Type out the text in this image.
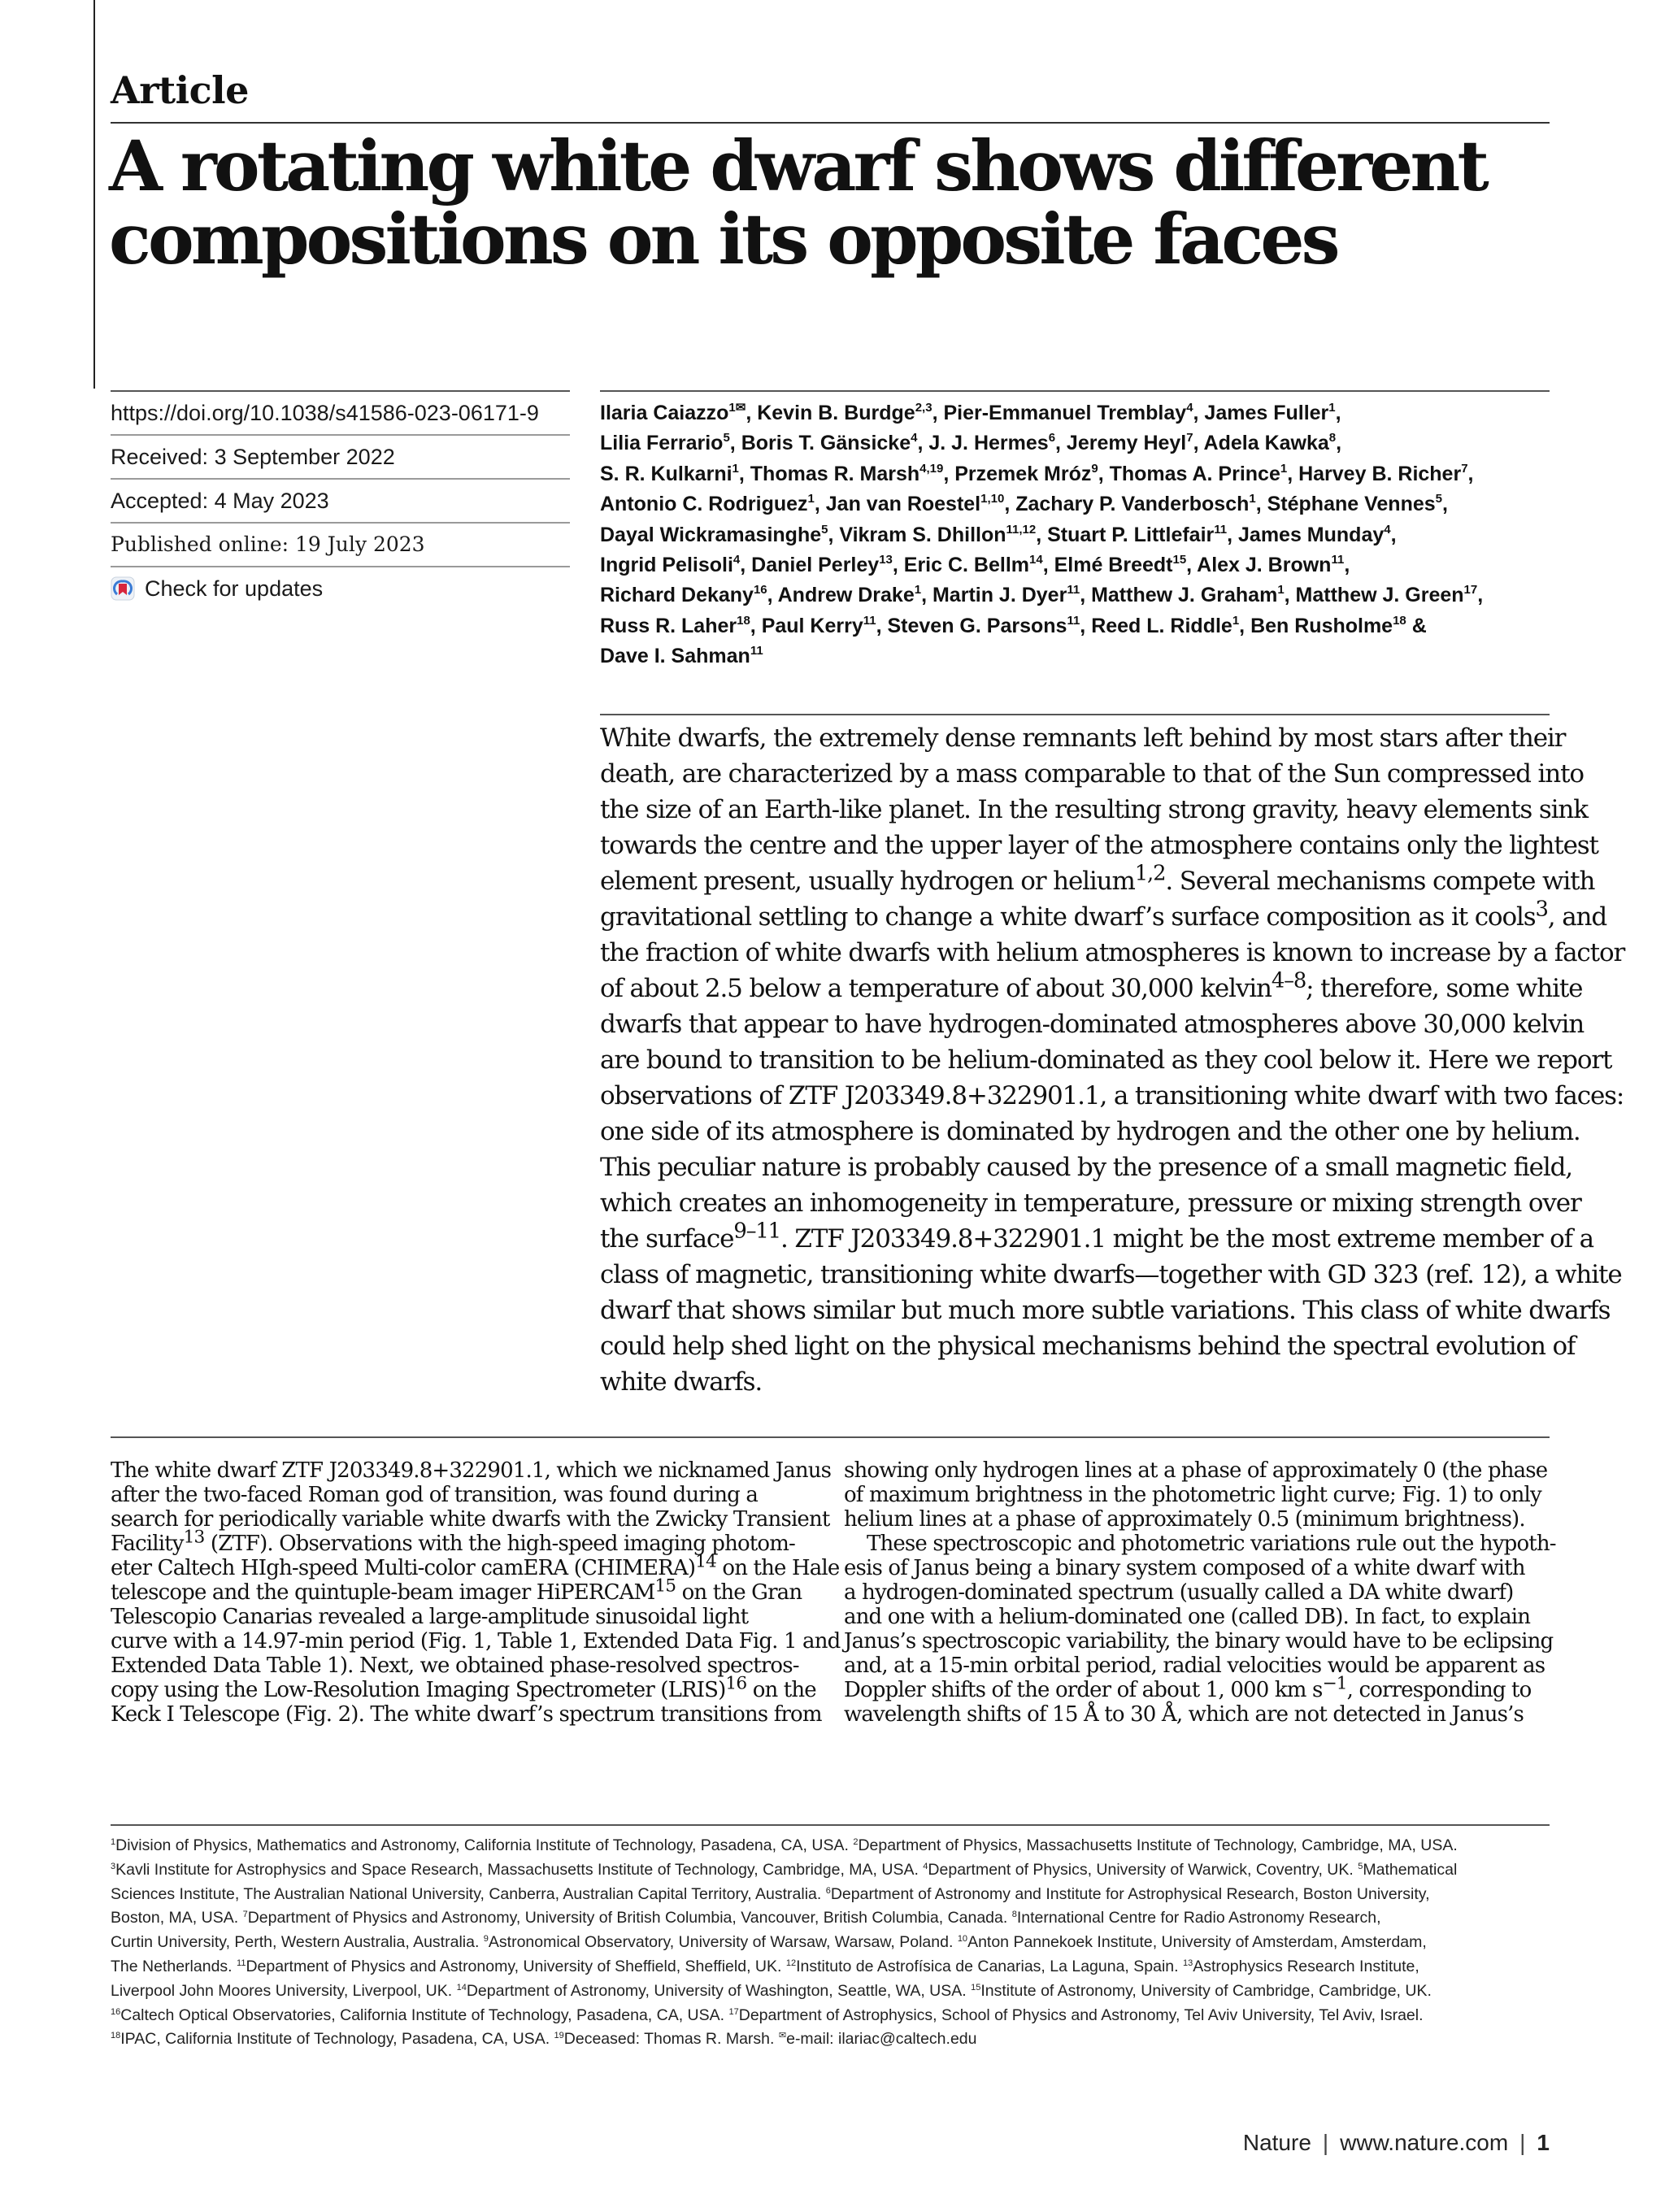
Article
A rotating white dwarf shows different
compositions on its opposite faces
https://doi.org/10.1038/s41586-023-06171-9
Received: 3 September 2022
Accepted: 4 May 2023
Published online: 19 July 2023
Check for updates
Ilaria Caiazzo$^{1✉}$, Kevin B. Burdge$^{2,3}$, Pier-Emmanuel Tremblay$^4$, James Fuller$^1$,
Lilia Ferrario$^5$, Boris T. Gänsicke$^4$, J. J. Hermes$^6$, Jeremy Heyl$^7$, Adela Kawka$^8$,
S. R. Kulkarni$^1$, Thomas R. Marsh$^{4,19}$, Przemek Mróz$^9$, Thomas A. Prince$^1$, Harvey B. Richer$^7$,
Antonio C. Rodriguez$^1$, Jan van Roestel$^{1,10}$, Zachary P. Vanderbosch$^1$, Stéphane Vennes$^5$,
Dayal Wickramasinghe$^5$, Vikram S. Dhillon$^{11,12}$, Stuart P. Littlefair$^{11}$, James Munday$^4$,
Ingrid Pelisoli$^4$, Daniel Perley$^{13}$, Eric C. Bellm$^{14}$, Elmé Breedt$^{15}$, Alex J. Brown$^{11}$,
Richard Dekany$^{16}$, Andrew Drake$^1$, Martin J. Dyer$^{11}$, Matthew J. Graham$^1$, Matthew J. Green$^{17}$,
Russ R. Laher$^{18}$, Paul Kerry$^{11}$, Steven G. Parsons$^{11}$, Reed L. Riddle$^1$, Ben Rusholme$^{18}$ &
Dave I. Sahman$^{11}$
White dwarfs, the extremely dense remnants left behind by most stars after their
death, are characterized by a mass comparable to that of the Sun compressed into
the size of an Earth-like planet. In the resulting strong gravity, heavy elements sink
towards the centre and the upper layer of the atmosphere contains only the lightest
element present, usually hydrogen or helium$^{1,2}$. Several mechanisms compete with
gravitational settling to change a white dwarf’s surface composition as it cools$^3$, and
the fraction of white dwarfs with helium atmospheres is known to increase by a factor
of about 2.5 below a temperature of about 30,000 kelvin$^{4-8}$; therefore, some white
dwarfs that appear to have hydrogen-dominated atmospheres above 30,000 kelvin
are bound to transition to be helium-dominated as they cool below it. Here we report
observations of ZTF J203349.8+322901.1, a transitioning white dwarf with two faces:
one side of its atmosphere is dominated by hydrogen and the other one by helium.
This peculiar nature is probably caused by the presence of a small magnetic field,
which creates an inhomogeneity in temperature, pressure or mixing strength over
the surface$^{9-11}$. ZTF J203349.8+322901.1 might be the most extreme member of a
class of magnetic, transitioning white dwarfs—together with GD 323 (ref. 12), a white
dwarf that shows similar but much more subtle variations. This class of white dwarfs
could help shed light on the physical mechanisms behind the spectral evolution of
white dwarfs.
The white dwarf ZTF J203349.8+322901.1, which we nicknamed Janus
after the two-faced Roman god of transition, was found during a
search for periodically variable white dwarfs with the Zwicky Transient
Facility$^{13}$ (ZTF). Observations with the high-speed imaging photom-
eter Caltech HIgh-speed Multi-color camERA (CHIMERA)$^{14}$ on the Hale
telescope and the quintuple-beam imager HiPERCAM$^{15}$ on the Gran
Telescopio Canarias revealed a large-amplitude sinusoidal light
curve with a 14.97-min period (Fig. 1, Table 1, Extended Data Fig. 1 and
Extended Data Table 1). Next, we obtained phase-resolved spectros-
copy using the Low-Resolution Imaging Spectrometer (LRIS)$^{16}$ on the
Keck I Telescope (Fig. 2). The white dwarf’s spectrum transitions from
showing only hydrogen lines at a phase of approximately 0 (the phase
of maximum brightness in the photometric light curve; Fig. 1) to only
helium lines at a phase of approximately 0.5 (minimum brightness).
These spectroscopic and photometric variations rule out the hypoth-
esis of Janus being a binary system composed of a white dwarf with
a hydrogen-dominated spectrum (usually called a DA white dwarf)
and one with a helium-dominated one (called DB). In fact, to explain
Janus’s spectroscopic variability, the binary would have to be eclipsing
and, at a 15-min orbital period, radial velocities would be apparent as
Doppler shifts of the order of about 1, 000 km $s^{-1}$, corresponding to
wavelength shifts of 15 Å to 30 Å, which are not detected in Janus’s
$^1$Division of Physics, Mathematics and Astronomy, California Institute of Technology, Pasadena, CA, USA. $^2$Department of Physics, Massachusetts Institute of Technology, Cambridge, MA, USA.
$^3$Kavli Institute for Astrophysics and Space Research, Massachusetts Institute of Technology, Cambridge, MA, USA. $^4$Department of Physics, University of Warwick, Coventry, UK. $^5$Mathematical
Sciences Institute, The Australian National University, Canberra, Australian Capital Territory, Australia. $^6$Department of Astronomy and Institute for Astrophysical Research, Boston University,
Boston, MA, USA. $^7$Department of Physics and Astronomy, University of British Columbia, Vancouver, British Columbia, Canada. $^8$International Centre for Radio Astronomy Research,
Curtin University, Perth, Western Australia, Australia. $^9$Astronomical Observatory, University of Warsaw, Warsaw, Poland. $^{10}$Anton Pannekoek Institute, University of Amsterdam, Amsterdam,
The Netherlands. $^{11}$Department of Physics and Astronomy, University of Sheffield, Sheffield, UK. $^{12}$Instituto de Astrofísica de Canarias, La Laguna, Spain. $^{13}$Astrophysics Research Institute,
Liverpool John Moores University, Liverpool, UK. $^{14}$Department of Astronomy, University of Washington, Seattle, WA, USA. $^{15}$Institute of Astronomy, University of Cambridge, Cambridge, UK.
$^{16}$Caltech Optical Observatories, California Institute of Technology, Pasadena, CA, USA. $^{17}$Department of Astrophysics, School of Physics and Astronomy, Tel Aviv University, Tel Aviv, Israel.
$^{18}$IPAC, California Institute of Technology, Pasadena, CA, USA. $^{19}$Deceased: Thomas R. Marsh. ✉e-mail: ilariac@caltech.edu
Nature | www.nature.com | 1
